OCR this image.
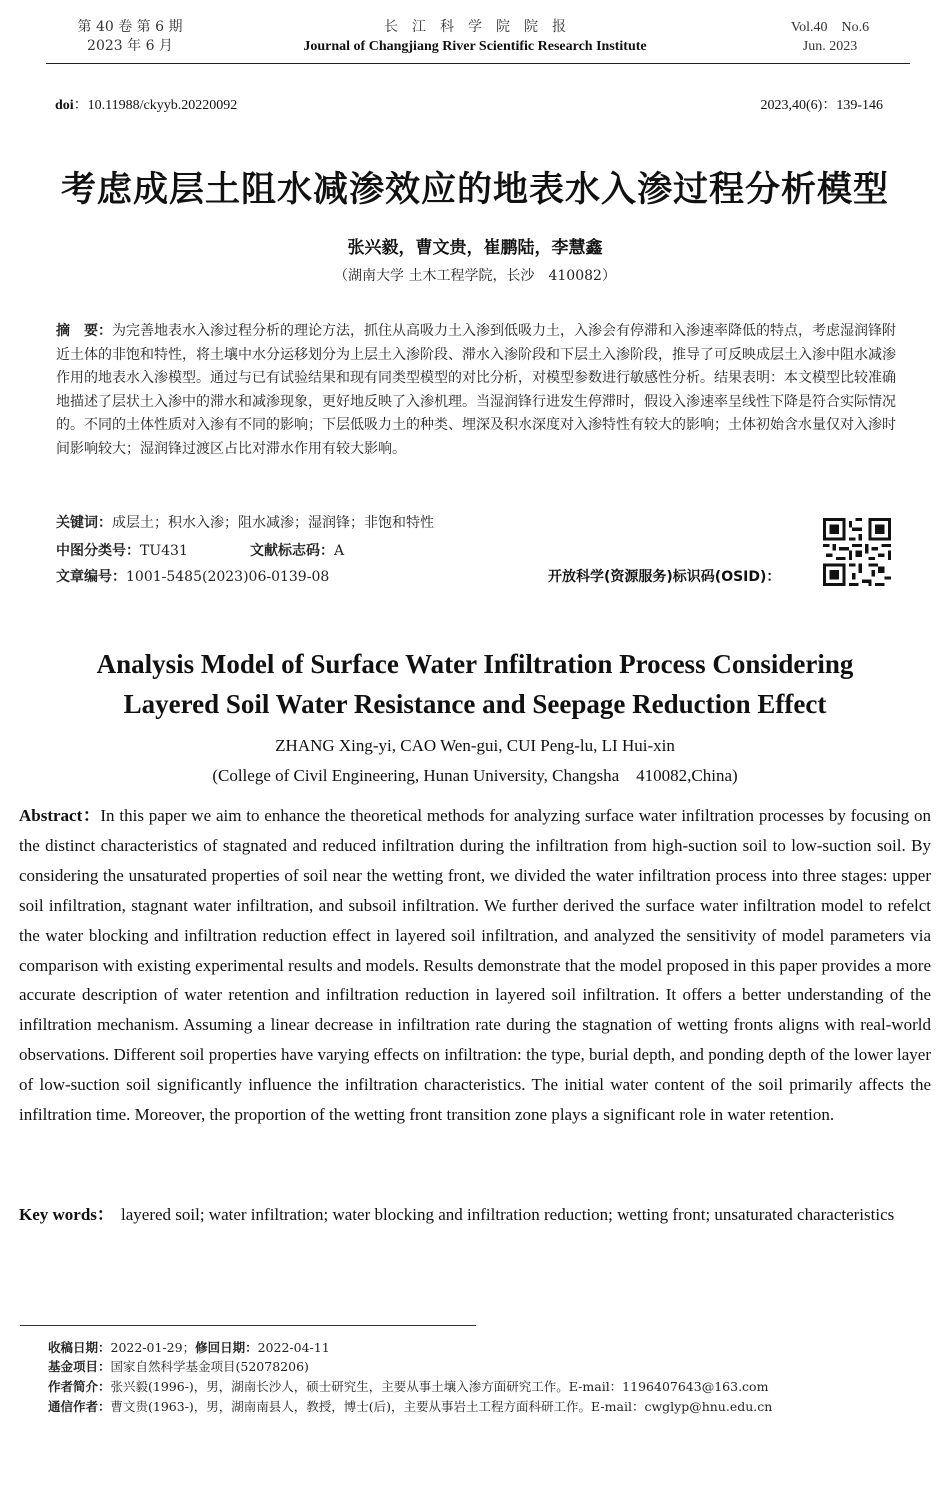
第 40 卷 第 6 期
2023 年 6 月
长　江　科　学　院　院　报
Journal of Changjiang River Scientific Research Institute
Vol.40　No.6
Jun. 2023
doi：10.11988/ckyyb.20220092	2023,40(6)：139-146
考虑成层土阻水减渗效应的地表水入渗过程分析模型
张兴毅，曹文贵，崔鹏陆，李慧鑫
（湖南大学 土木工程学院，长沙　410082）
摘　要：为完善地表水入渗过程分析的理论方法，抓住从高吸力土入渗到低吸力土，入渗会有停滞和入渗速率降低的特点，考虑湿润锋附近土体的非饱和特性，将土壤中水分运移划分为上层土入渗阶段、滞水入渗阶段和下层土入渗阶段，推导了可反映成层土入渗中阻水减渗作用的地表水入渗模型。通过与已有试验结果和现有同类型模型的对比分析，对模型参数进行敏感性分析。结果表明：本文模型比较准确地描述了层状土入渗中的滞水和减渗现象，更好地反映了入渗机理。当湿润锋行进发生停滞时，假设入渗速率呈线性下降是符合实际情况的。不同的土体性质对入渗有不同的影响；下层低吸力土的种类、埋深及积水深度对入渗特性有较大的影响；土体初始含水量仅对入渗时间影响较大；湿润锋过渡区占比对滞水作用有较大影响。
关键词：成层土；积水入渗；阻水减渗；湿润锋；非饱和特性
中图分类号：TU431	文献标志码：A
文章编号：1001-5485(2023)06-0139-08	开放科学(资源服务)标识码(OSID)：
Analysis Model of Surface Water Infiltration Process Considering
Layered Soil Water Resistance and Seepage Reduction Effect
ZHANG Xing-yi, CAO Wen-gui, CUI Peng-lu, LI Hui-xin
(College of Civil Engineering, Hunan University, Changsha　410082,China)
Abstract：In this paper we aim to enhance the theoretical methods for analyzing surface water infiltration processes by focusing on the distinct characteristics of stagnated and reduced infiltration during the infiltration from high-suction soil to low-suction soil. By considering the unsaturated properties of soil near the wetting front, we divided the water infiltration process into three stages: upper soil infiltration, stagnant water infiltration, and subsoil infiltration. We further derived the surface water infiltration model to refelct the water blocking and infiltration reduction effect in layered soil infiltration, and analyzed the sensitivity of model parameters via comparison with existing experimental results and models. Results demonstrate that the model proposed in this paper provides a more accurate description of water retention and infiltration reduction in layered soil infiltration. It offers a better understanding of the infiltration mechanism. Assuming a linear decrease in infiltration rate during the stagnation of wetting fronts aligns with real-world observations. Different soil properties have varying effects on infiltration: the type, burial depth, and ponding depth of the lower layer of low-suction soil significantly influence the infiltration characteristics. The initial water content of the soil primarily affects the infiltration time. Moreover, the proportion of the wetting front transition zone plays a significant role in water retention.
Key words： layered soil; water infiltration; water blocking and infiltration reduction; wetting front; unsaturated characteristics
收稿日期：2022-01-29；修回日期：2022-04-11
基金项目：国家自然科学基金项目(52078206)
作者简介：张兴毅(1996-)，男，湖南长沙人，硕士研究生，主要从事土壤入渗方面研究工作。E-mail：1196407643@163.com
通信作者：曹文贵(1963-)，男，湖南南县人，教授，博士(后)，主要从事岩土工程方面科研工作。E-mail：cwglyp@hnu.edu.cn
